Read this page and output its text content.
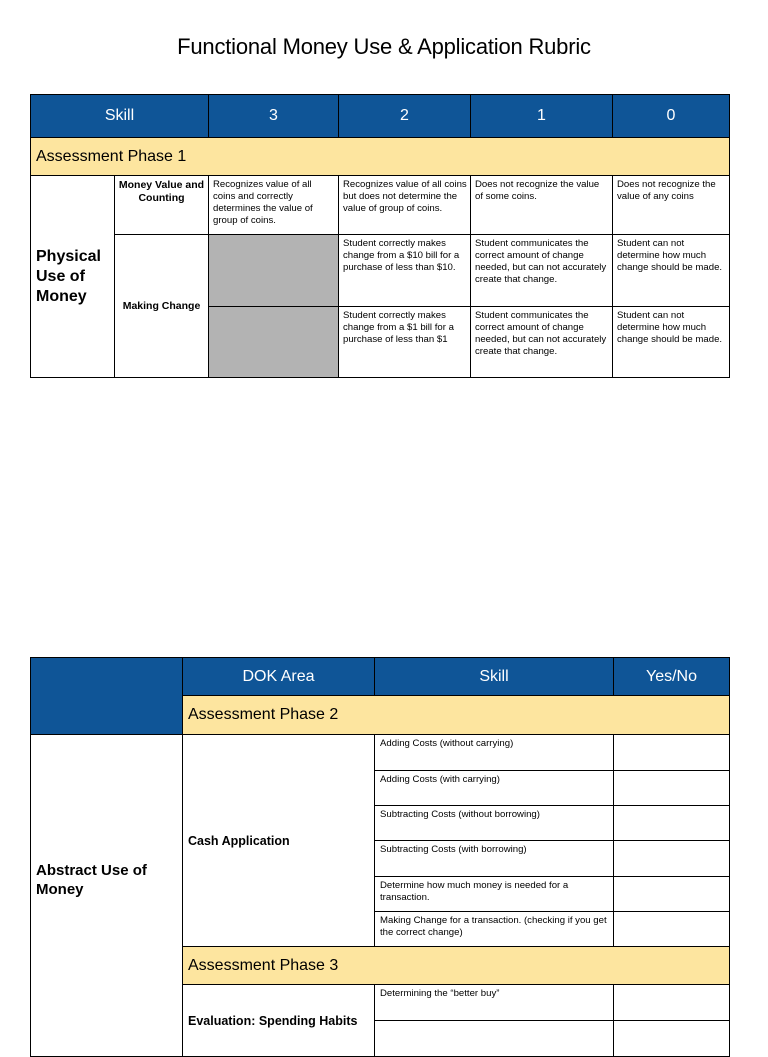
Functional Money Use & Application Rubric
Skill		3	2	1	0
Assessment Phase 1					
Physical Use of Money	Money Value and Counting	Recognizes value of all coins and correctly determines the value of group of coins.	Recognizes value of all coins but does not determine the value of group of coins.	Does not recognize the value of some coins.	Does not recognize the value of any coins
	Making Change		Student correctly makes change from a $10 bill for a purchase of less than $10.	Student communicates the correct amount of change needed, but can not accurately create that change.	Student can not determine how much change should be made.
			Student correctly makes change from a $1 bill for a purchase of less than $1	Student communicates the correct amount of change needed, but can not accurately create that change.	Student can not determine how much change should be made.
	DOK Area	Skill	Yes/No
	Assessment Phase 2		
Abstract Use of Money	Cash Application	Adding Costs (without carrying)	
		Adding Costs (with carrying)	
		Subtracting Costs (without borrowing)	
		Subtracting Costs (with borrowing)	
		Determine how much money is needed for a transaction.	
		Making Change for a transaction. (checking if you get the correct change)	
	Assessment Phase 3		
	Evaluation: Spending Habits	Determining the “better buy”	
